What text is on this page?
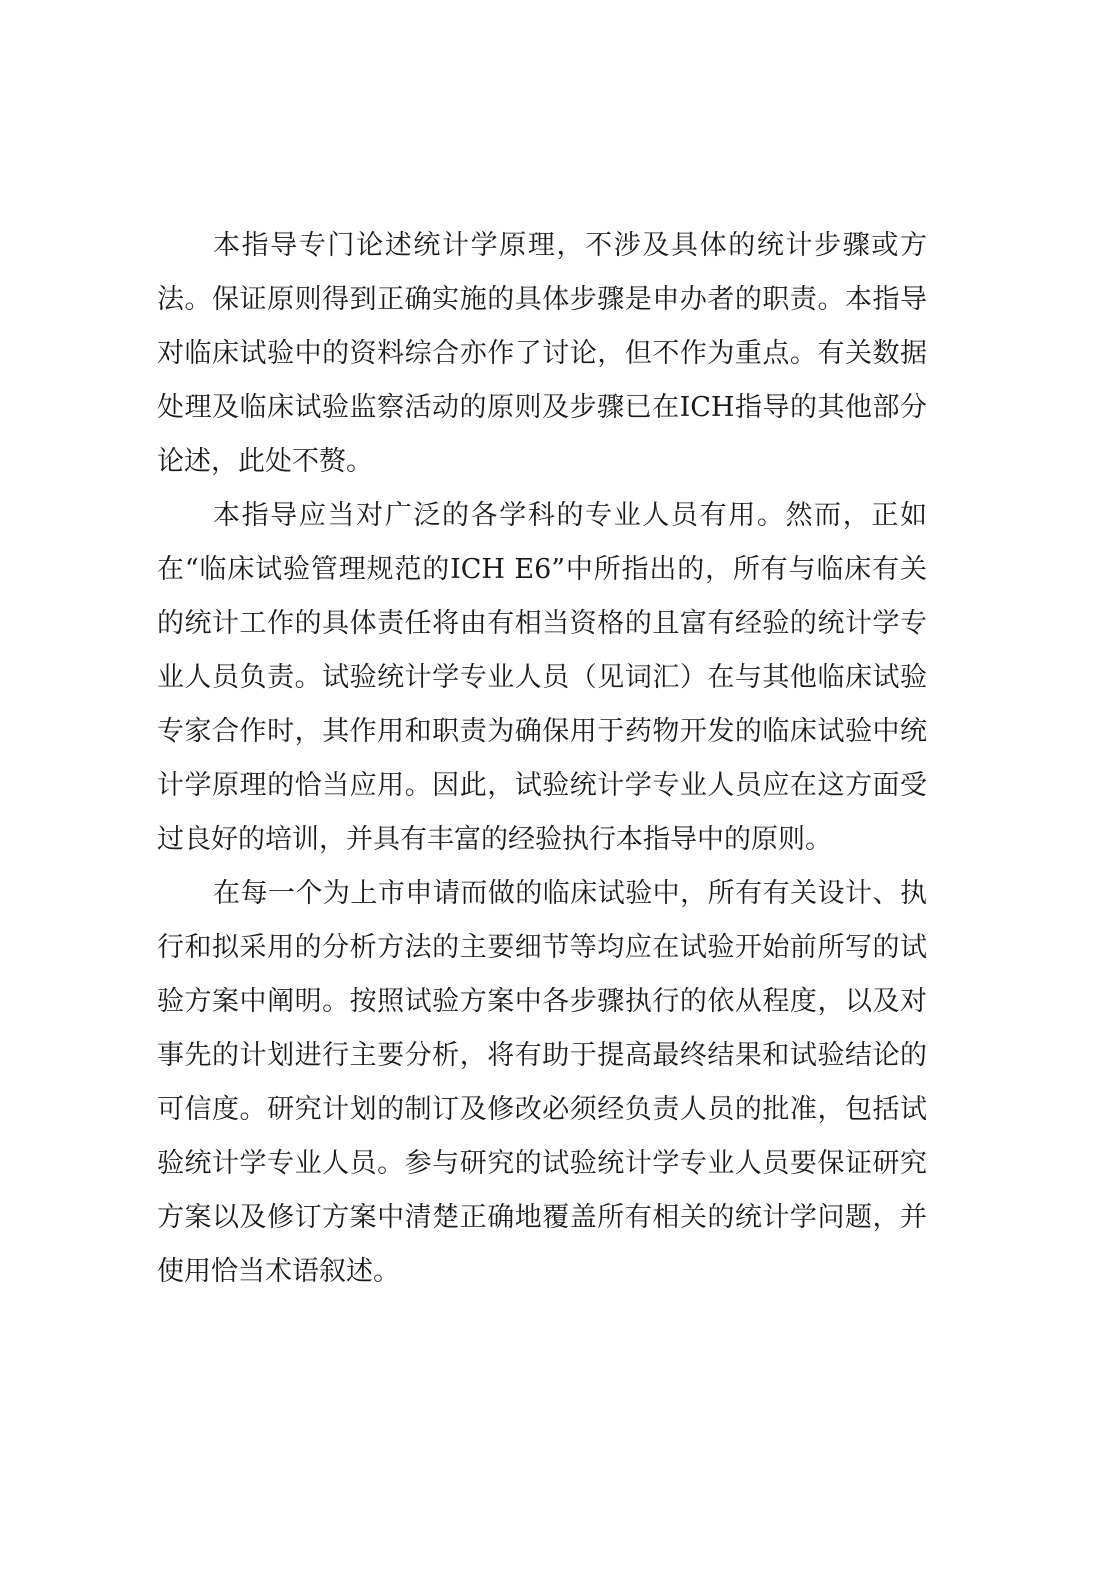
本指导专门论述统计学原理，不涉及具体的统计步骤或方法。保证原则得到正确实施的具体步骤是申办者的职责。本指导对临床试验中的资料综合亦作了讨论，但不作为重点。有关数据处理及临床试验监察活动的原则及步骤已在ICH指导的其他部分论述，此处不赘。

本指导应当对广泛的各学科的专业人员有用。然而，正如在“临床试验管理规范的ICH E6”中所指出的，所有与临床有关的统计工作的具体责任将由有相当资格的且富有经验的统计学专业人员负责。试验统计学专业人员（见词汇）在与其他临床试验专家合作时，其作用和职责为确保用于药物开发的临床试验中统计学原理的恰当应用。因此，试验统计学专业人员应在这方面受过良好的培训，并具有丰富的经验执行本指导中的原则。

在每一个为上市申请而做的临床试验中，所有有关设计、执行和拟采用的分析方法的主要细节等均应在试验开始前所写的试验方案中阐明。按照试验方案中各步骤执行的依从程度，以及对事先的计划进行主要分析，将有助于提高最终结果和试验结论的可信度。研究计划的制订及修改必须经负责人员的批准，包括试验统计学专业人员。参与研究的试验统计学专业人员要保证研究方案以及修订方案中清楚正确地覆盖所有相关的统计学问题，并使用恰当术语叙述。
